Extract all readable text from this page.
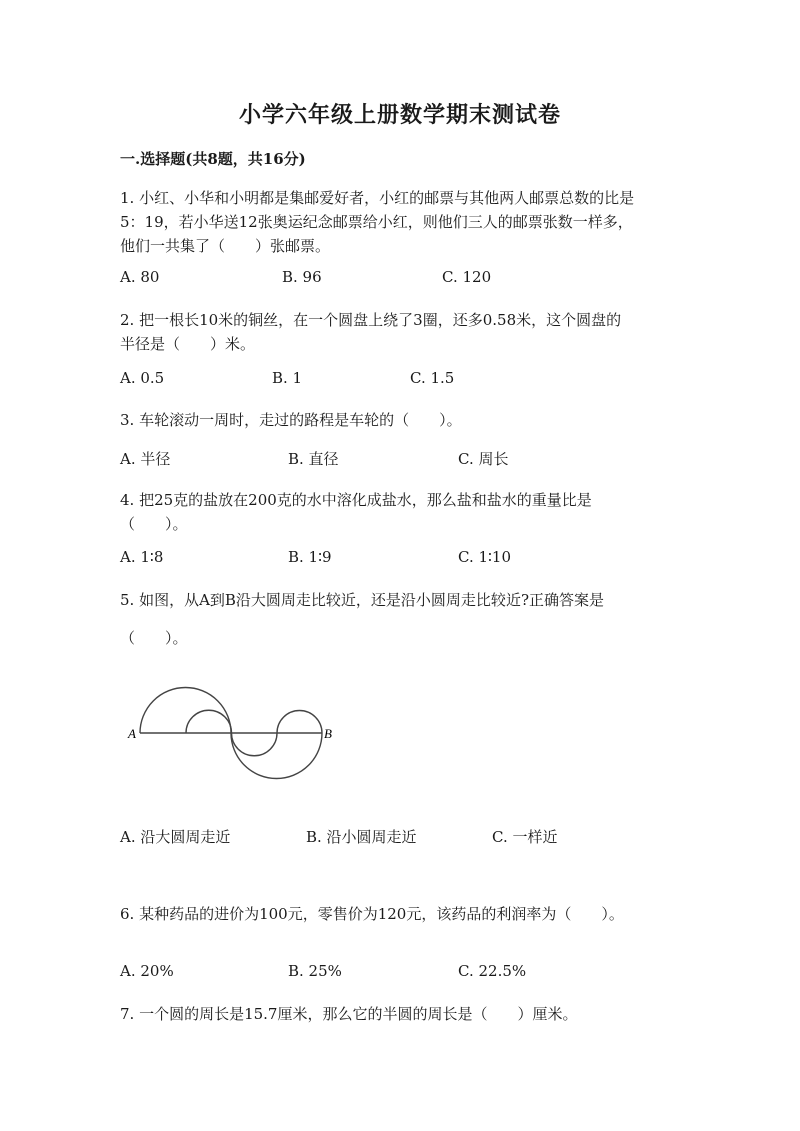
小学六年级上册数学期末测试卷
一.选择题(共8题，共16分)

1. 小红、小华和小明都是集邮爱好者，小红的邮票与其他两人邮票总数的比是

5：19，若小华送12张奥运纪念邮票给小红，则他们三人的邮票张数一样多，

他们一共集了（　　）张邮票。

A. 80	B. 96	C. 120

2. 把一根长10米的铜丝，在一个圆盘上绕了3圈，还多0.58米，这个圆盘的

半径是（　　）米。

A. 0.5	B. 1	C. 1.5

3. 车轮滚动一周时，走过的路程是车轮的（　　）。

A. 半径	B. 直径	C. 周长

4. 把25克的盐放在200克的水中溶化成盐水，那么盐和盐水的重量比是

（　　）。

A. 1∶8	B. 1∶9	C. 1∶10

5. 如图，从A到B沿大圆周走比较近，还是沿小圆周走比较近?正确答案是

（　　）。

A	B
A. 沿大圆周走近	B. 沿小圆周走近	C. 一样近

6. 某种药品的进价为100元，零售价为120元，该药品的利润率为（　　）。

A. 20%	B. 25%	C. 22.5%

7. 一个圆的周长是15.7厘米，那么它的半圆的周长是（　　）厘米。
